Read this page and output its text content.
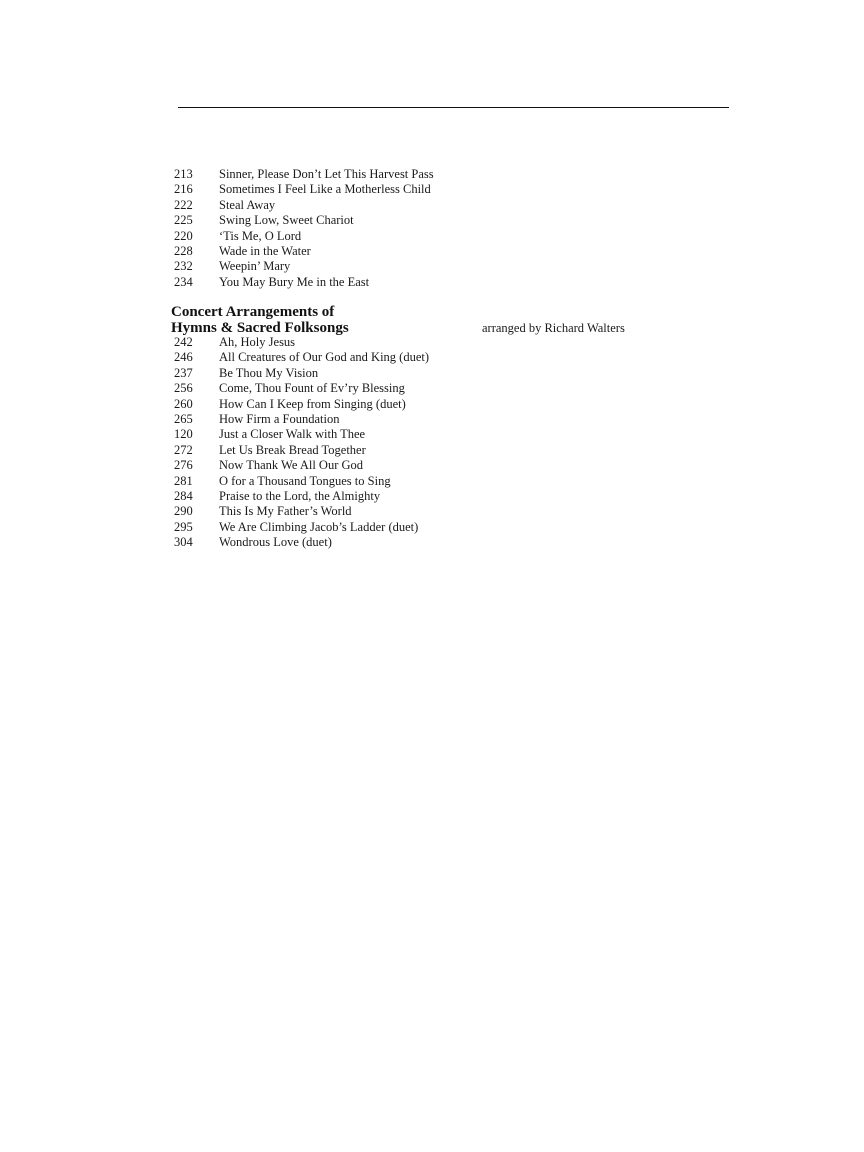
213	Sinner, Please Don’t Let This Harvest Pass
216	Sometimes I Feel Like a Motherless Child
222	Steal Away
225	Swing Low, Sweet Chariot
220	‘Tis Me, O Lord
228	Wade in the Water
232	Weepin’ Mary
234	You May Bury Me in the East
Concert Arrangements of
Hymns & Sacred Folksongs	arranged by Richard Walters
242	Ah, Holy Jesus
246	All Creatures of Our God and King (duet)
237	Be Thou My Vision
256	Come, Thou Fount of Ev’ry Blessing
260	How Can I Keep from Singing (duet)
265	How Firm a Foundation
120	Just a Closer Walk with Thee
272	Let Us Break Bread Together
276	Now Thank We All Our God
281	O for a Thousand Tongues to Sing
284	Praise to the Lord, the Almighty
290	This Is My Father’s World
295	We Are Climbing Jacob’s Ladder (duet)
304	Wondrous Love (duet)
